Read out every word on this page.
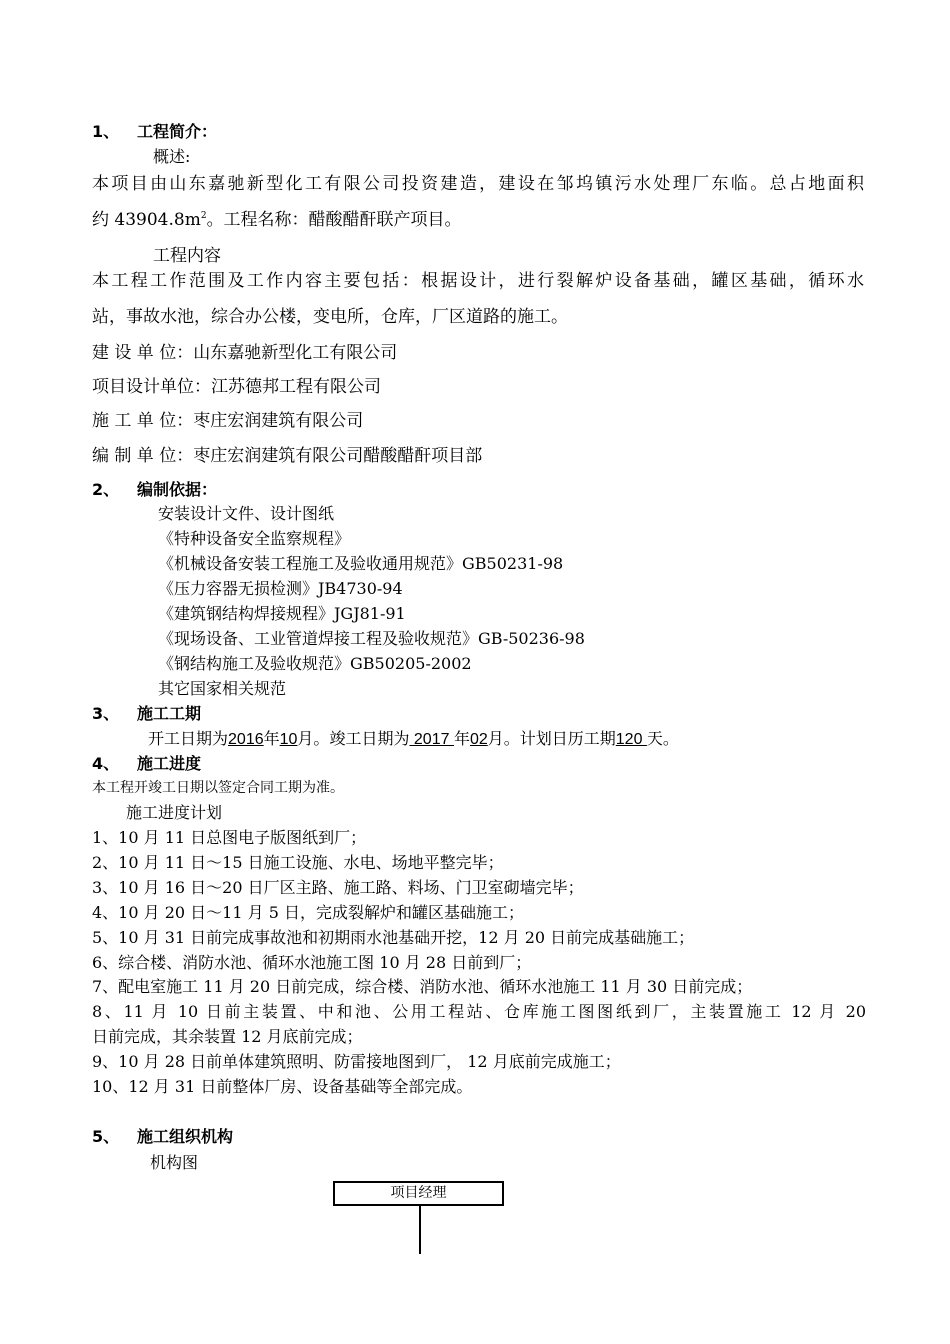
1、 工程简介：
概述:
本项目由山东嘉驰新型化工有限公司投资建造，建设在邹坞镇污水处理厂东临。总占地面积
约 $43904.8m^2$。工程名称：醋酸醋酐联产项目。
工程内容
本工程工作范围及工作内容主要包括：根据设计，进行裂解炉设备基础，罐区基础，循环水
站，事故水池，综合办公楼，变电所，仓库，厂区道路的施工。
建 设 单 位：山东嘉驰新型化工有限公司
项目设计单位：江苏德邦工程有限公司
施 工 单 位：枣庄宏润建筑有限公司
编 制 单 位：枣庄宏润建筑有限公司醋酸醋酐项目部
2、 编制依据：
安装设计文件、设计图纸
《特种设备安全监察规程》
《机械设备安装工程施工及验收通用规范》GB50231-98
《压力容器无损检测》JB4730-94
《建筑钢结构焊接规程》JGJ81-91
《现场设备、工业管道焊接工程及验收规范》GB-50236-98
《钢结构施工及验收规范》GB50205-2002
其它国家相关规范
3、 施工工期
开工日期为2016年10月。竣工日期为 2017 年02月。计划日历工期120 天。
4、 施工进度
本工程开竣工日期以签定合同工期为准。
施工进度计划
1、10 月 11 日总图电子版图纸到厂；
2、10 月 11 日～15 日施工设施、水电、场地平整完毕；
3、10 月 16 日～20 日厂区主路、施工路、料场、门卫室砌墙完毕；
4、10 月 20 日～11 月 5 日，完成裂解炉和罐区基础施工；
5、10 月 31 日前完成事故池和初期雨水池基础开挖，12 月 20 日前完成基础施工；
6、综合楼、消防水池、循环水池施工图 10 月 28 日前到厂；
7、配电室施工 11 月 20 日前完成，综合楼、消防水池、循环水池施工 11 月 30 日前完成；
8、11 月 10 日前主装置、中和池、公用工程站、仓库施工图图纸到厂，主装置施工 12 月 20
日前完成，其余装置 12 月底前完成；
9、10 月 28 日前单体建筑照明、防雷接地图到厂， 12 月底前完成施工；
10、12 月 31 日前整体厂房、设备基础等全部完成。
5、 施工组织机构
机构图
项目经理
